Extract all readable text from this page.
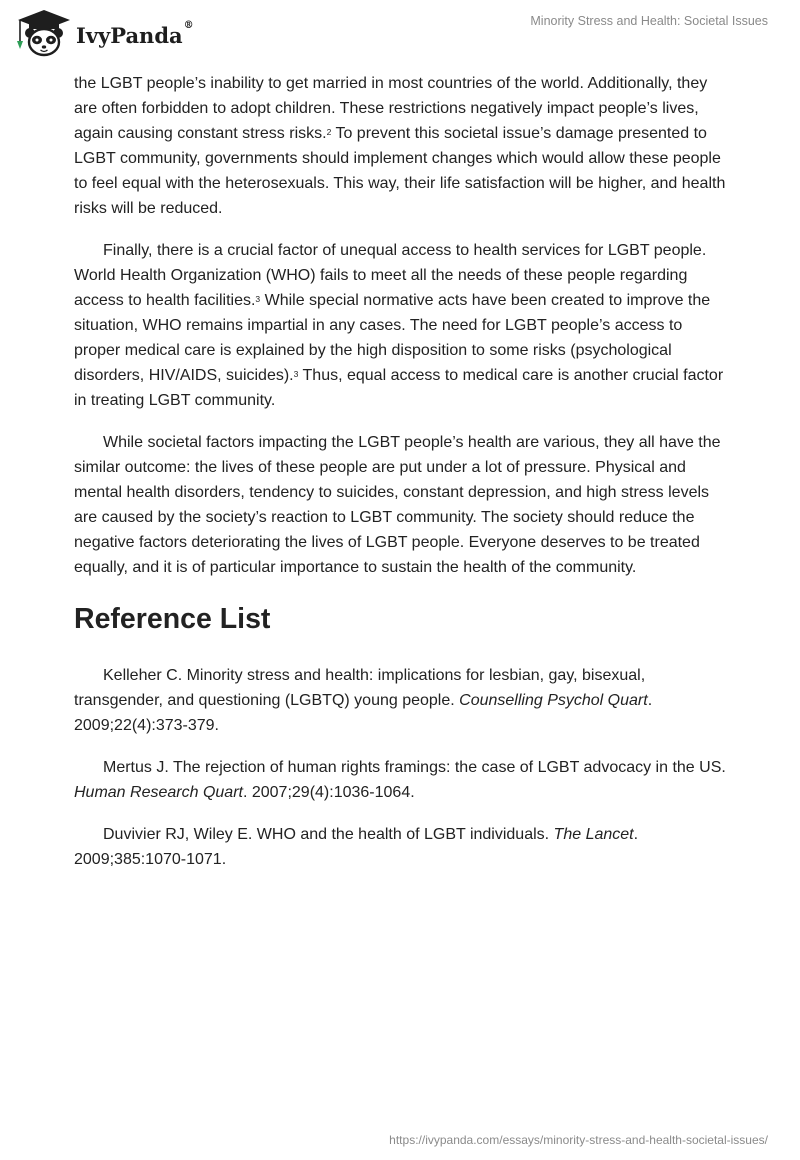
IvyPanda®	Minority Stress and Health: Societal Issues

the LGBT people’s inability to get married in most countries of the world. Additionally, they are often forbidden to adopt children. These restrictions negatively impact people’s lives, again causing constant stress risks.$^2$ To prevent this societal issue’s damage presented to LGBT community, governments should implement changes which would allow these people to feel equal with the heterosexuals. This way, their life satisfaction will be higher, and health risks will be reduced.

Finally, there is a crucial factor of unequal access to health services for LGBT people. World Health Organization (WHO) fails to meet all the needs of these people regarding access to health facilities.$^3$ While special normative acts have been created to improve the situation, WHO remains impartial in any cases. The need for LGBT people’s access to proper medical care is explained by the high disposition to some risks (psychological disorders, HIV/AIDS, suicides).$^3$ Thus, equal access to medical care is another crucial factor in treating LGBT community.

While societal factors impacting the LGBT people’s health are various, they all have the similar outcome: the lives of these people are put under a lot of pressure. Physical and mental health disorders, tendency to suicides, constant depression, and high stress levels are caused by the society’s reaction to LGBT community. The society should reduce the negative factors deteriorating the lives of LGBT people. Everyone deserves to be treated equally, and it is of particular importance to sustain the health of the community.

Reference List

Kelleher C. Minority stress and health: implications for lesbian, gay, bisexual, transgender, and questioning (LGBTQ) young people. Counselling Psychol Quart. 2009;22(4):373-379.

Mertus J. The rejection of human rights framings: the case of LGBT advocacy in the US. Human Research Quart. 2007;29(4):1036-1064.

Duvivier RJ, Wiley E. WHO and the health of LGBT individuals. The Lancet. 2009;385:1070-1071.

https://ivypanda.com/essays/minority-stress-and-health-societal-issues/
